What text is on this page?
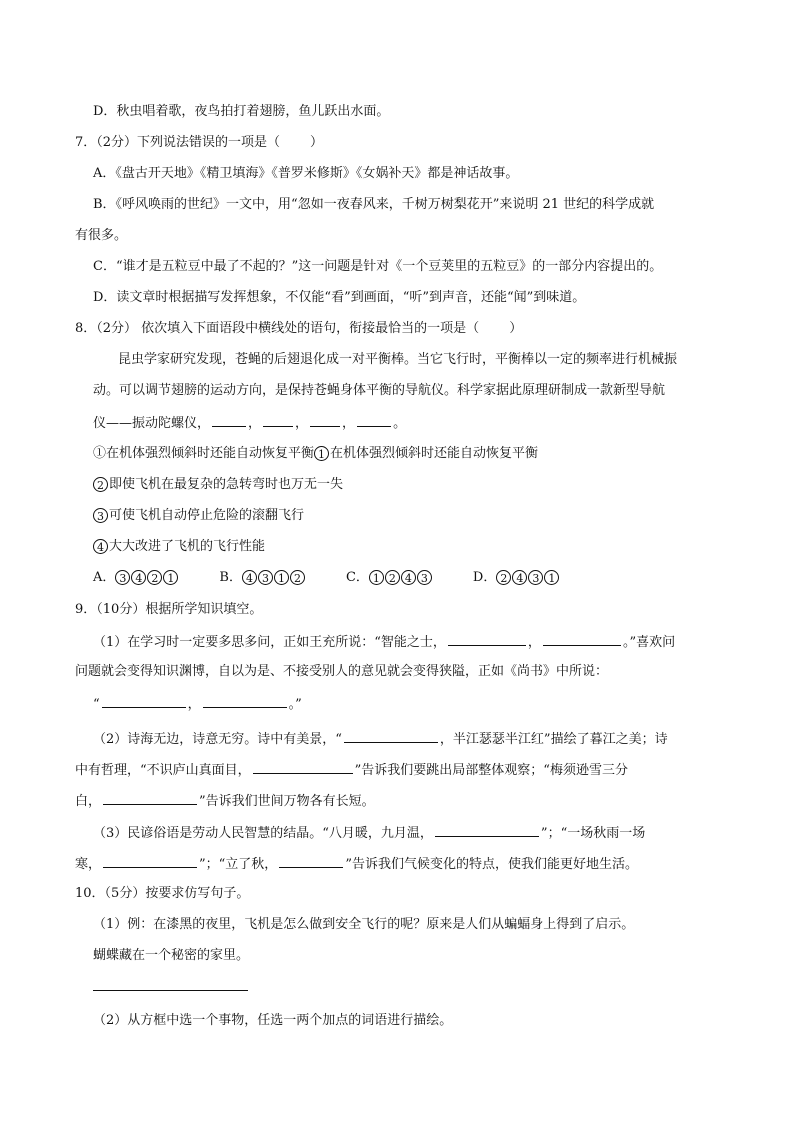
D．秋虫唱着歌，夜鸟拍打着翅膀，鱼儿跃出水面。
7．（2分）下列说法错误的一项是（ ）
A．《盘古开天地》《精卫填海》《普罗米修斯》《女娲补天》都是神话故事。
B．《呼风唤雨的世纪》一文中，用“忽如一夜春风来，千树万树梨花开”来说明 21 世纪的科学成就
有很多。
C．“谁才是五粒豆中最了不起的？”这一问题是针对《一个豆荚里的五粒豆》的一部分内容提出的。
D．读文章时根据描写发挥想象，不仅能“看”到画面，“听”到声音，还能“闻”到味道。
8．（2分） 依次填入下面语段中横线处的语句，衔接最恰当的一项是（ ）
昆虫学家研究发现，苍蝇的后翅退化成一对平衡棒。当它飞行时，平衡棒以一定的频率进行机械振
动。可以调节翅膀的运动方向，是保持苍蝇身体平衡的导航仪。科学家据此原理研制成一款新型导航
仪——振动陀螺仪，	，	，	，	。
①在机体强烈倾斜时还能自动恢复平衡 1 在机体强烈倾斜时还能自动恢复平衡
2 即使飞机在最复杂的急转弯时也万无一失
3 可使飞机自动停止危险的滚翻飞行
4 大大改进了飞机的飞行性能
A． 3 4 2 1	B． 4 3 1 2	C． 1 2 4 3	D． 2 4 3 1
9．（10分）根据所学知识填空。
（1）在学习时一定要多思多问，正如王充所说：“智能之士，	，	。”喜欢问
问题就会变得知识渊博，自以为是、不接受别人的意见就会变得狭隘，正如《尚书》中所说：
“	，	。”
（2）诗海无边，诗意无穷。诗中有美景，“	，半江瑟瑟半江红”描绘了暮江之美；诗
中有哲理，“不识庐山真面目，	”告诉我们要跳出局部整体观察；“梅须逊雪三分
白，	”告诉我们世间万物各有长短。
（3）民谚俗语是劳动人民智慧的结晶。“八月暖，九月温，	”；“一场秋雨一场
寒，	”；“立了秋，	”告诉我们气候变化的特点，使我们能更好地生活。
10．（5分）按要求仿写句子。
（1）例：在漆黑的夜里，飞机是怎么做到安全飞行的呢？原来是人们从蝙蝠身上得到了启示。
蝴蝶藏在一个秘密的家里。
（2）从方框中选一个事物，任选一两个加点的词语进行描绘。
